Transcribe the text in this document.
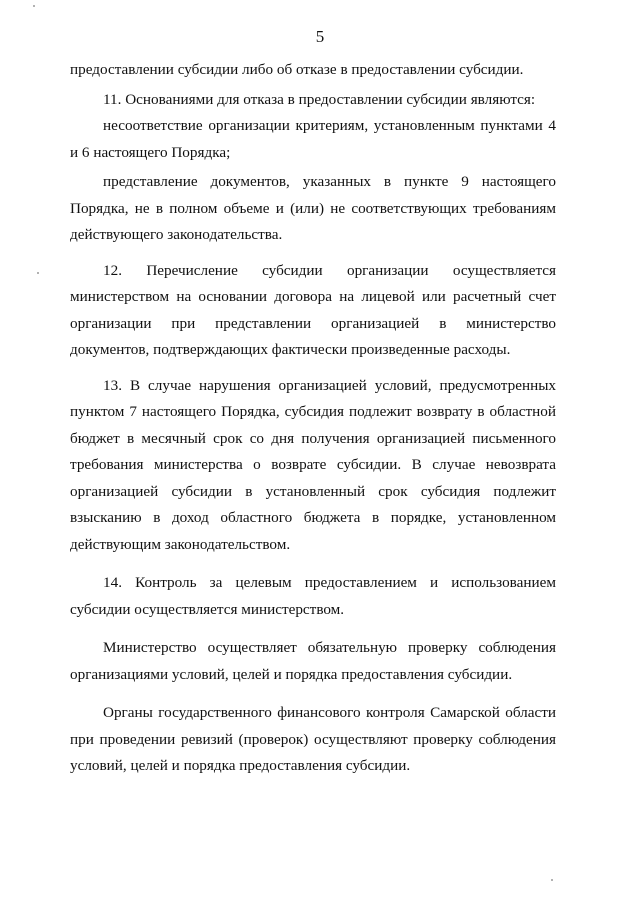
5

предоставлении субсидии либо об отказе в предоставлении субсидии.

11. Основаниями для отказа в предоставлении субсидии являются:

несоответствие организации критериям, установленным пунктами 4 и 6 настоящего Порядка;

представление документов, указанных в пункте 9 настоящего Порядка, не в полном объеме и (или) не соответствующих требованиям действующего законодательства.

12. Перечисление субсидии организации осуществляется министерством на основании договора на лицевой или расчетный счет организации при представлении организацией в министерство документов, подтверждающих фактически произведенные расходы.

13. В случае нарушения организацией условий, предусмотренных пунктом 7 настоящего Порядка, субсидия подлежит возврату в областной бюджет в месячный срок со дня получения организацией письменного требования министерства о возврате субсидии. В случае невозврата организацией субсидии в установленный срок субсидия подлежит взысканию в доход областного бюджета в порядке, установленном действующим законодательством.

14. Контроль за целевым предоставлением и использованием субсидии осуществляется министерством.

Министерство осуществляет обязательную проверку соблюдения организациями условий, целей и порядка предоставления субсидии.

Органы государственного финансового контроля Самарской области при проведении ревизий (проверок) осуществляют проверку соблюдения условий, целей и порядка предоставления субсидии.
